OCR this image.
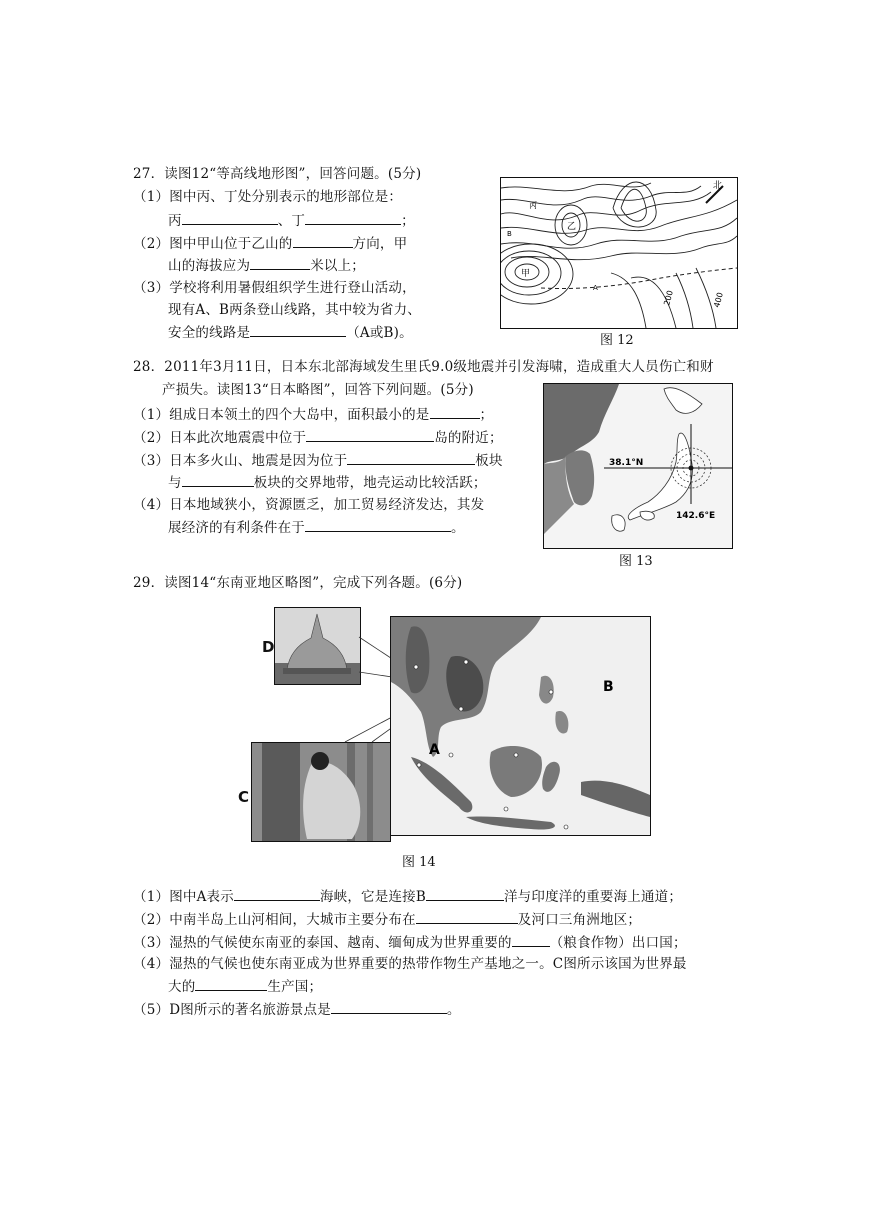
27．读图12“等高线地形图”，回答问题。(5分)
（1）图中丙、丁处分别表示的地形部位是：
丙	、丁	；
（2）图中甲山位于乙山的	方向，甲
山的海拔应为	米以上；
（3）学校将利用暑假组织学生进行登山活动，
现有A、B两条登山线路，其中较为省力、
安全的线路是	（A或B)。
北
甲
乙
丙
A
B
200	400
图 12
28．2011年3月11日，日本东北部海域发生里氏9.0级地震并引发海啸，造成重大人员伤亡和财
产损失。读图13“日本略图”，回答下列问题。(5分)
（1）组成日本领土的四个大岛中，面积最小的是	；
（2）日本此次地震震中位于	岛的附近；
（3）日本多火山、地震是因为位于	板块
与	板块的交界地带，地壳运动比较活跃；
（4）日本地域狭小，资源匮乏，加工贸易经济发达，其发
展经济的有利条件在于	。
38.1°N
142.6°E
图 13
29．读图14“东南亚地区略图”，完成下列各题。(6分)
D
C
B
A
图 14
（1）图中A表示	海峡，它是连接B	洋与印度洋的重要海上通道；
（2）中南半岛上山河相间，大城市主要分布在	及河口三角洲地区；
（3）湿热的气候使东南亚的泰国、越南、缅甸成为世界重要的	（粮食作物）出口国；
（4）湿热的气候也使东南亚成为世界重要的热带作物生产基地之一。C图所示该国为世界最
大的	生产国；
（5）D图所示的著名旅游景点是	。
